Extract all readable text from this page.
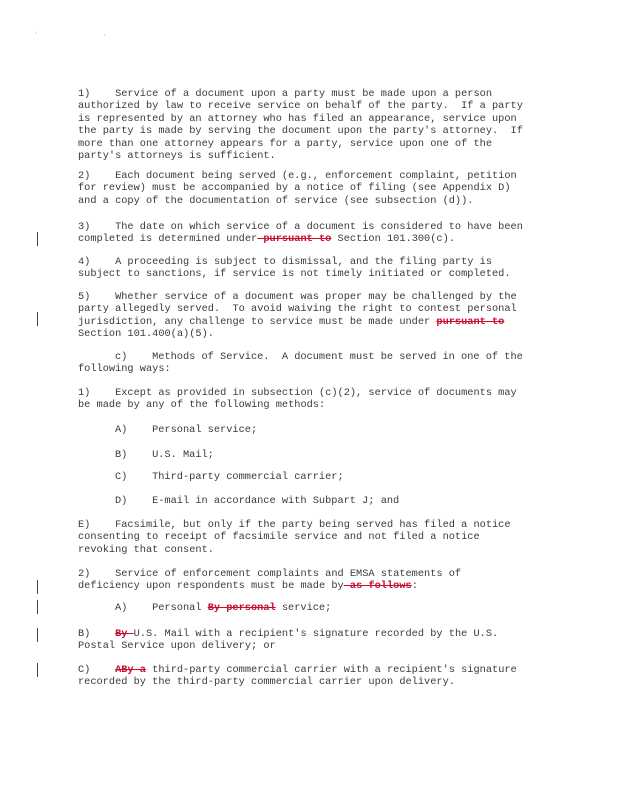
' ·
1)    Service of a document upon a party must be made upon a person
authorized by law to receive service on behalf of the party.  If a party
is represented by an attorney who has filed an appearance, service upon
the party is made by serving the document upon the party's attorney.  If
more than one attorney appears for a party, service upon one of the
party's attorneys is sufficient.
2)    Each document being served (e.g., enforcement complaint, petition
for review) must be accompanied by a notice of filing (see Appendix D)
and a copy of the documentation of service (see subsection (d)).
3)    The date on which service of a document is considered to have been
completed is determined under pursuant to Section 101.300(c).
4)    A proceeding is subject to dismissal, and the filing party is
subject to sanctions, if service is not timely initiated or completed.
5)    Whether service of a document was proper may be challenged by the
party allegedly served.  To avoid waiving the right to contest personal
jurisdiction, any challenge to service must be made under pursuant to
Section 101.400(a)(5).
c)    Methods of Service.  A document must be served in one of the
following ways:
1)    Except as provided in subsection (c)(2), service of documents may
be made by any of the following methods:
A)    Personal service;
B)    U.S. Mail;
C)    Third-party commercial carrier;
D)    E-mail in accordance with Subpart J; and
E)    Facsimile, but only if the party being served has filed a notice
consenting to receipt of facsimile service and not filed a notice
revoking that consent.
2)    Service of enforcement complaints and EMSA statements of
deficiency upon respondents must be made by as follows:
A)    Personal By personal service;
B)    By U.S. Mail with a recipient's signature recorded by the U.S.
Postal Service upon delivery; or
C)    ABy a third-party commercial carrier with a recipient's signature
recorded by the third-party commercial carrier upon delivery.
